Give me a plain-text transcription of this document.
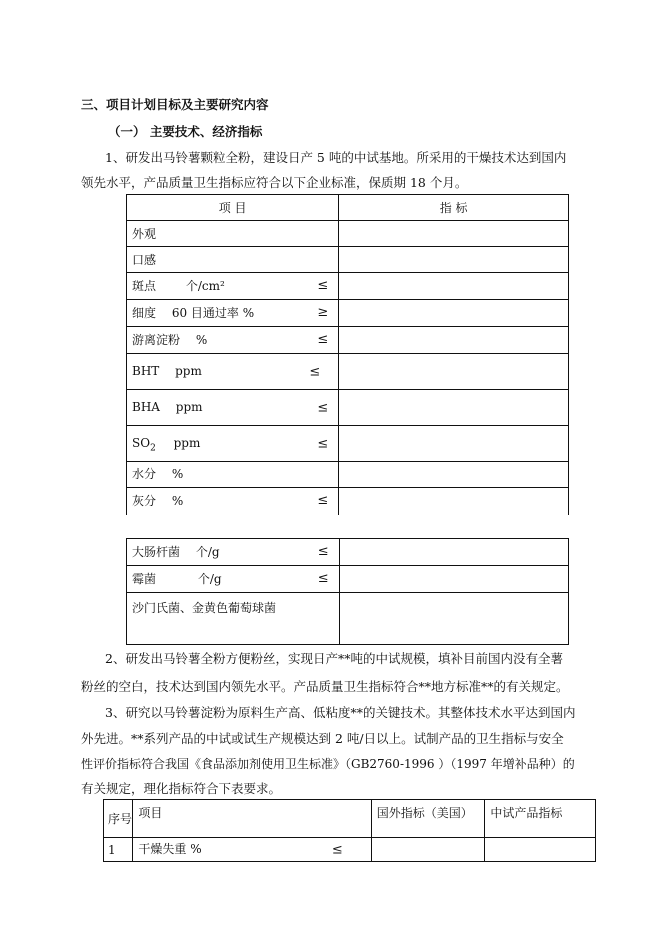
三、项目计划目标及主要研究内容
（一） 主要技术、经济指标
1、研发出马铃薯颗粒全粉，建设日产 5 吨的中试基地。所采用的干燥技术达到国内
领先水平，产品质量卫生指标应符合以下企业标准，保质期 18 个月。
项 目	指 标
外观	
口感	

斑点 个/cm² ≤	

细度 60 目通过率 % ≥	

游离淀粉 % ≤	

BHT ppm ≤	

BHA ppm ≤	

$SO_2$ ppm ≤	

水分 %	

灰分 % ≤	

大肠杆菌 个/g ≤	

霉菌 个/g ≤	

沙门氏菌、金黄色葡萄球菌	
2、研发出马铃薯全粉方便粉丝，实现日产**吨的中试规模，填补目前国内没有全薯
粉丝的空白，技术达到国内领先水平。产品质量卫生指标符合**地方标准**的有关规定。
3、研究以马铃薯淀粉为原料生产高、低粘度**的关键技术。其整体技术水平达到国内
外先进。**系列产品的中试或试生产规模达到 2 吨/日以上。试制产品的卫生指标与安全
性评价指标符合我国《食品添加剂使用卫生标准》（GB2760-1996 ）（1997 年增补品种）的
有关规定，理化指标符合下表要求。
序号	项目	国外指标（美国）	中试产品指标
1	干燥失重 % ≤		
